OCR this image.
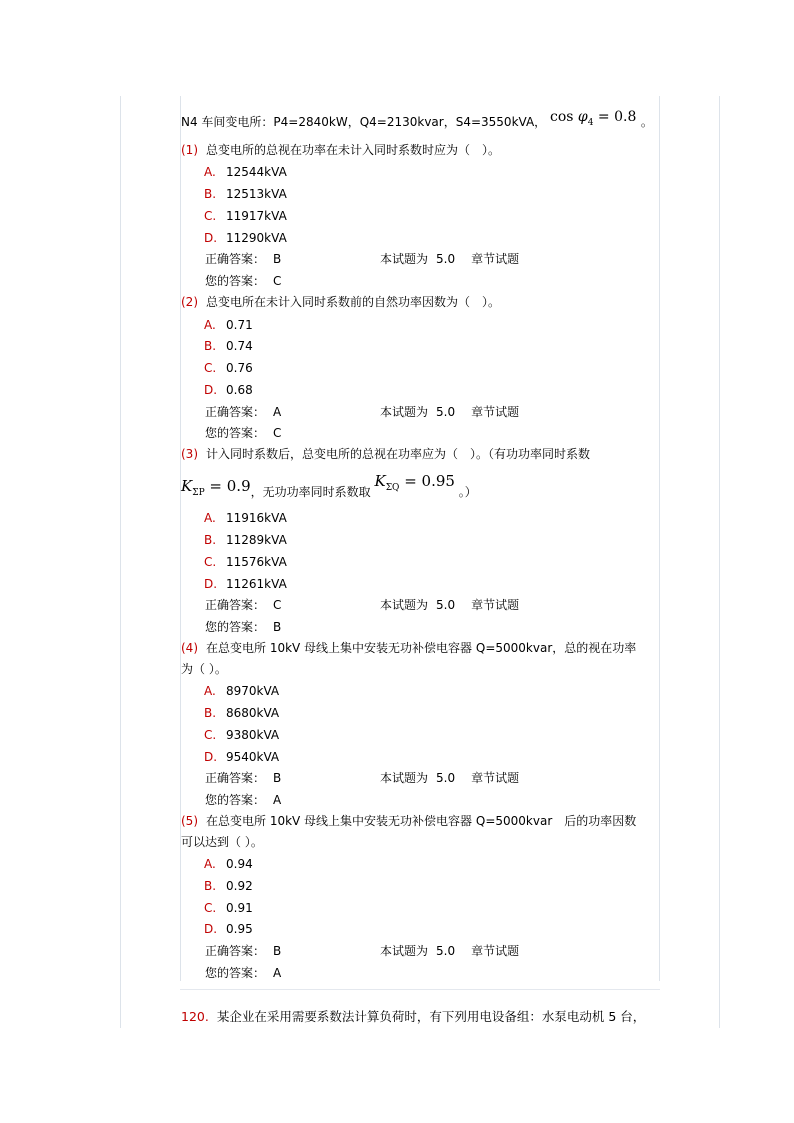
N4 车间变电所：P4=2840kW，Q4=2130kvar，S4=3550kVA， $\cos \varphi_4 = 0.8$ 。
(1) 总变电所的总视在功率在未计入同时系数时应为（　）。
A. 12544kVA
B. 12513kVA
C. 11917kVA
D. 11290kVA
正确答案： B	本试题为 5.0 章节试题
您的答案： C
(2) 总变电所在未计入同时系数前的自然功率因数为（　）。
A. 0.71
B. 0.74
C. 0.76
D. 0.68
正确答案： A	本试题为 5.0 章节试题
您的答案： C
(3) 计入同时系数后，总变电所的总视在功率应为（　）。（有功功率同时系数
$K_{\Sigma P} = 0.9$，无功功率同时系数取 $K_{\Sigma Q} = 0.95$ 。）
A. 11916kVA
B. 11289kVA
C. 11576kVA
D. 11261kVA
正确答案： C	本试题为 5.0 章节试题
您的答案： B
(4) 在总变电所 10kV 母线上集中安装无功补偿电容器 Q=5000kvar，总的视在功率
为（ ）。
A. 8970kVA
B. 8680kVA
C. 9380kVA
D. 9540kVA
正确答案： B	本试题为 5.0 章节试题
您的答案： A
(5) 在总变电所 10kV 母线上集中安装无功补偿电容器 Q=5000kvar　后的功率因数
可以达到（ ）。
A. 0.94
B. 0.92
C. 0.91
D. 0.95
正确答案： B	本试题为 5.0 章节试题
您的答案： A
120. 某企业在采用需要系数法计算负荷时，有下列用电设备组：水泵电动机 5 台，
